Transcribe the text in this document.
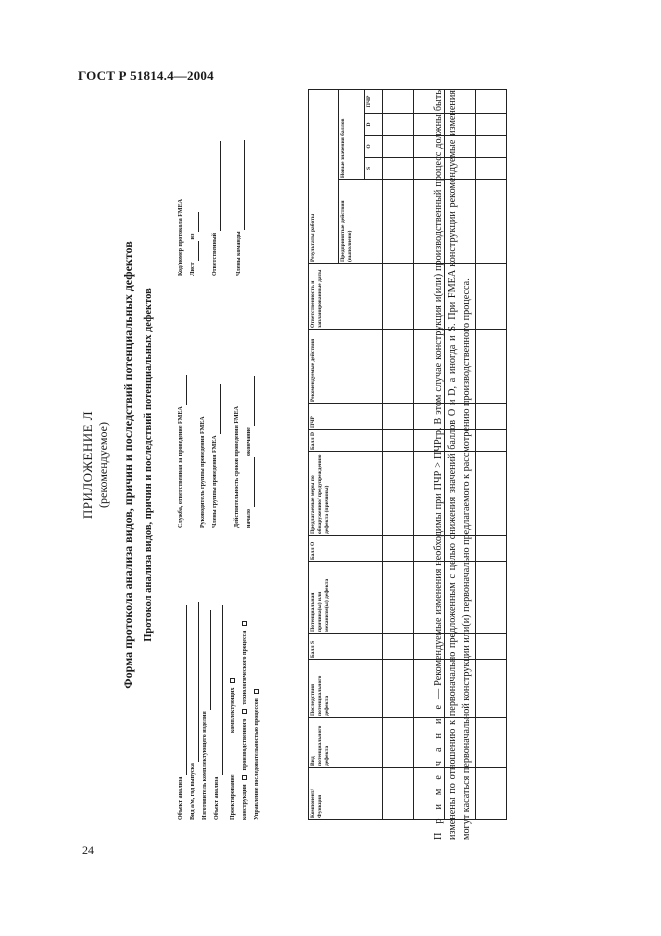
ГОСТ Р 51814.4—2004
24
ПРИЛОЖЕНИЕ Л (рекомендуемое) Форма протокола анализа видов, причин и последствий потенциальных дефектов Протокол анализа видов, причин и последствий потенциальных дефектов
Объект анализа	Вид а/м, год выпуска	Изготовитель комплектующего изделия	Объект анализа	Проектирование комплектующих
конструкции  производственного  технологического процесса
Управление последовательностью процессов
Служба, ответственная за проведение FMEA	Руководитель группы проведения FMEA	Члены группы проведения FMEA	Действительность сроков проведения FMEA	начало  окончание
Код/номер протокола FMEA	Лист  из	Ответственный	Члены команды
Компонент/ Функция	Вид потенциального дефекта	Последствия потенциального дефекта	Балл S	Потенциальная причина(ы) или механизм(ы) дефекта	Балл O	Предлагаемые меры по обнаружению/ предупреждению дефекта (причины)	Балл D	ПЧР	Рекомендуемые действия	Ответственность и запланированные даты	Результаты работы				
											Предпринятые действия (выполнено)	Новые значения баллов			
												S	O	D	ПЧР

П р и м е ч а н и е — Рекомендуемые изменения необходимы при ПЧР > ПЧРгр. В этом случае конструкция и(или) производственный процесс должны быть изменены по отношению к первоначально предложенным с целью снижения значений баллов O и D, а иногда и S. При FMEA конструкции рекомендуемые изменения могут касаться первоначальной конструкции или(и) первоначально предлагаемого к рассмотрению производственного процесса.
